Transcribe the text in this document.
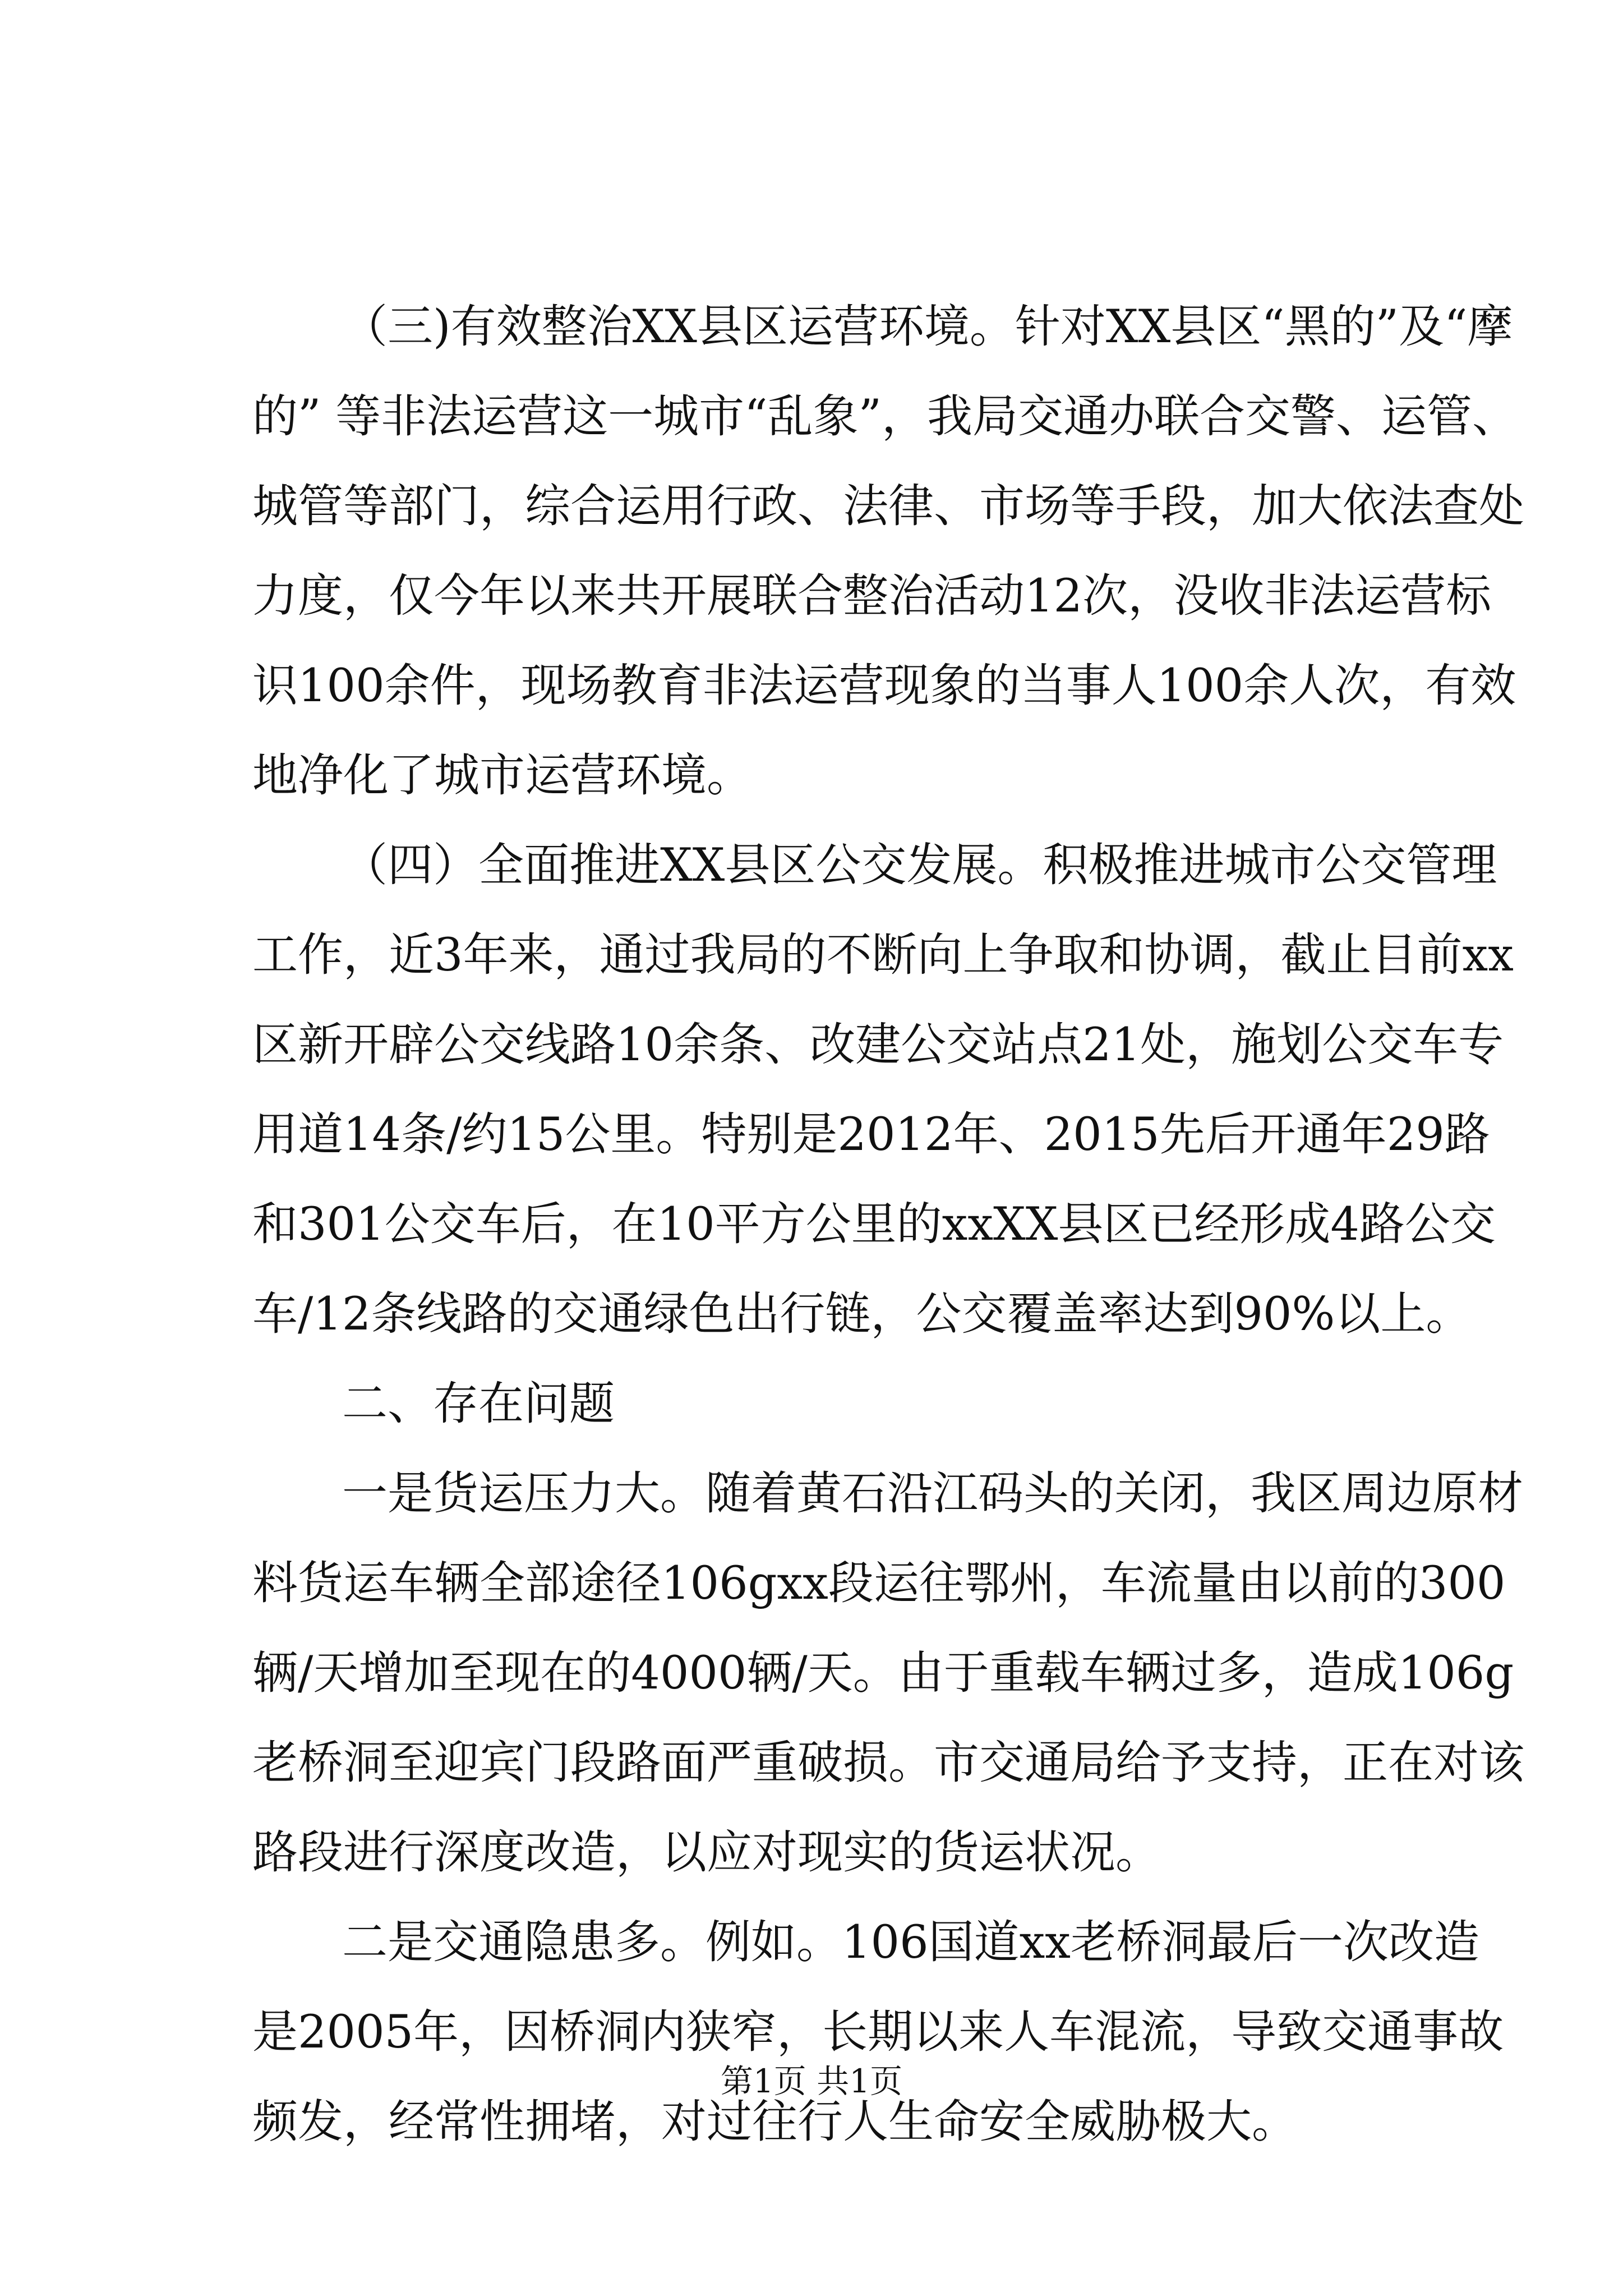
（三)有效整治XX县区运营环境。针对XX县区“黑的”及“摩
的” 等非法运营这一城市“乱象”，我局交通办联合交警、运管、
城管等部门，综合运用行政、法律、市场等手段，加大依法查处
力度，仅今年以来共开展联合整治活动12次，没收非法运营标
识100余件，现场教育非法运营现象的当事人100余人次，有效
地净化了城市运营环境。
（四）全面推进XX县区公交发展。积极推进城市公交管理
工作，近3年来，通过我局的不断向上争取和协调，截止目前xx
区新开辟公交线路10余条、改建公交站点21处，施划公交车专
用道14条/约15公里。特别是2012年、2015先后开通年29路
和301公交车后，在10平方公里的xxXX县区已经形成4路公交
车/12条线路的交通绿色出行链，公交覆盖率达到90%以上。
二、存在问题
一是货运压力大。随着黄石沿江码头的关闭，我区周边原材
料货运车辆全部途径106gxx段运往鄂州，车流量由以前的300
辆/天增加至现在的4000辆/天。由于重载车辆过多，造成106g
老桥洞至迎宾门段路面严重破损。市交通局给予支持，正在对该
路段进行深度改造，以应对现实的货运状况。
二是交通隐患多。例如。106国道xx老桥洞最后一次改造
是2005年，因桥洞内狭窄，长期以来人车混流，导致交通事故
频发，经常性拥堵，对过往行人生命安全威胁极大。
第1页 共1页
